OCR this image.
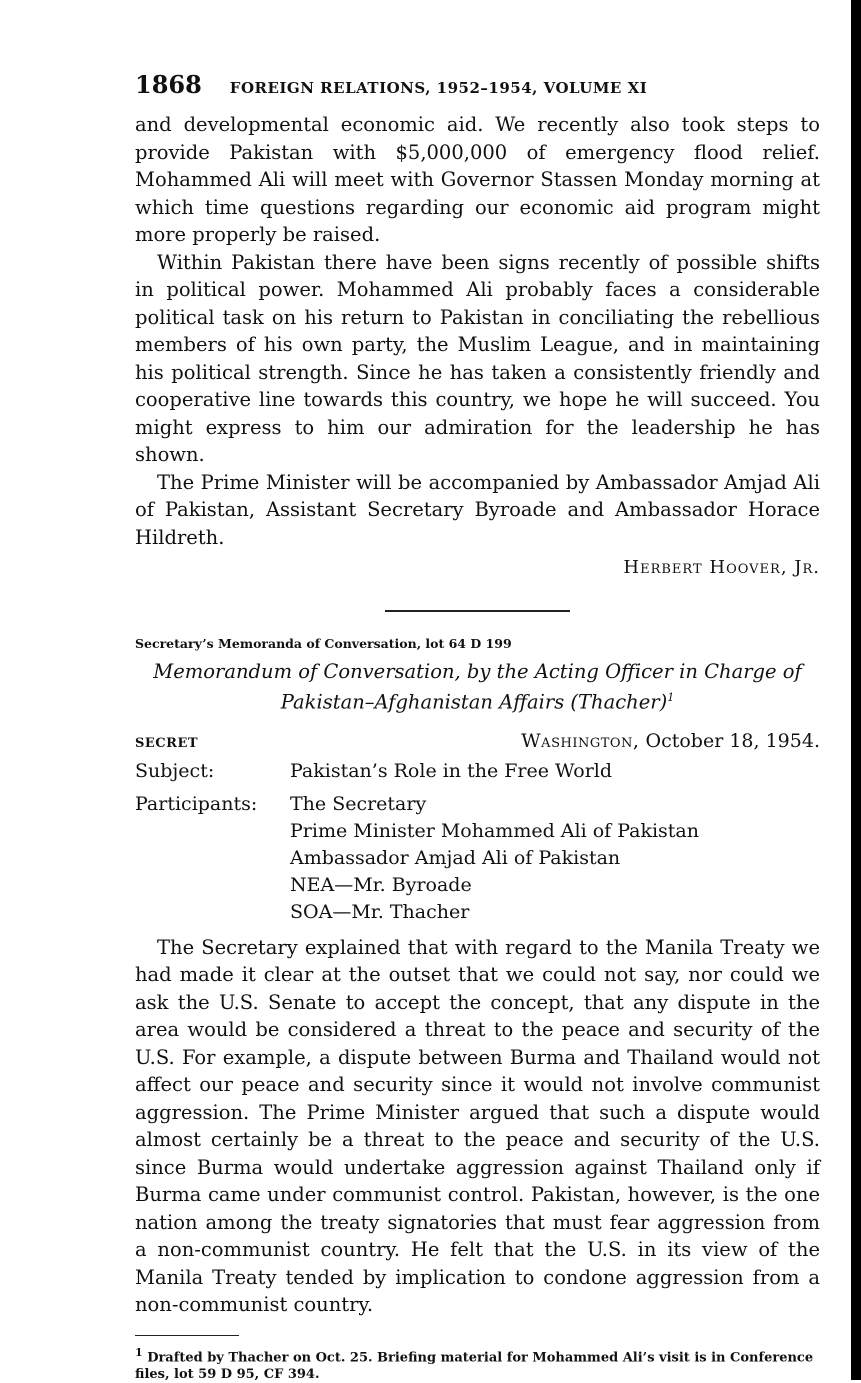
1868 FOREIGN RELATIONS, 1952–1954, VOLUME XI

and developmental economic aid. We recently also took steps to provide Pakistan with $5,000,000 of emergency flood relief. Mohammed Ali will meet with Governor Stassen Monday morning at which time questions regarding our economic aid program might more properly be raised.

Within Pakistan there have been signs recently of possible shifts in political power. Mohammed Ali probably faces a considerable political task on his return to Pakistan in conciliating the rebellious members of his own party, the Muslim League, and in maintaining his political strength. Since he has taken a consistently friendly and cooperative line towards this country, we hope he will succeed. You might express to him our admiration for the leadership he has shown.

The Prime Minister will be accompanied by Ambassador Amjad Ali of Pakistan, Assistant Secretary Byroade and Ambassador Horace Hildreth.

Herbert Hoover, Jr.
Secretary’s Memoranda of Conversation, lot 64 D 199
Memorandum of Conversation, by the Acting Officer in Charge of Pakistan–Afghanistan Affairs (Thacher)$^1$
SECRET	Washington, October 18, 1954.
Subject:	Pakistan’s Role in the Free World
Participants:	The Secretary
Prime Minister Mohammed Ali of Pakistan
Ambassador Amjad Ali of Pakistan
NEA—Mr. Byroade
SOA—Mr. Thacher

The Secretary explained that with regard to the Manila Treaty we had made it clear at the outset that we could not say, nor could we ask the U.S. Senate to accept the concept, that any dispute in the area would be considered a threat to the peace and security of the U.S. For example, a dispute between Burma and Thailand would not affect our peace and security since it would not involve communist aggression. The Prime Minister argued that such a dispute would almost certainly be a threat to the peace and security of the U.S. since Burma would undertake aggression against Thailand only if Burma came under communist control. Pakistan, however, is the one nation among the treaty signatories that must fear aggression from a non-communist country. He felt that the U.S. in its view of the Manila Treaty tended by implication to condone aggression from a non-communist country.

$^1$ Drafted by Thacher on Oct. 25. Briefing material for Mohammed Ali’s visit is in Conference files, lot 59 D 95, CF 394.
